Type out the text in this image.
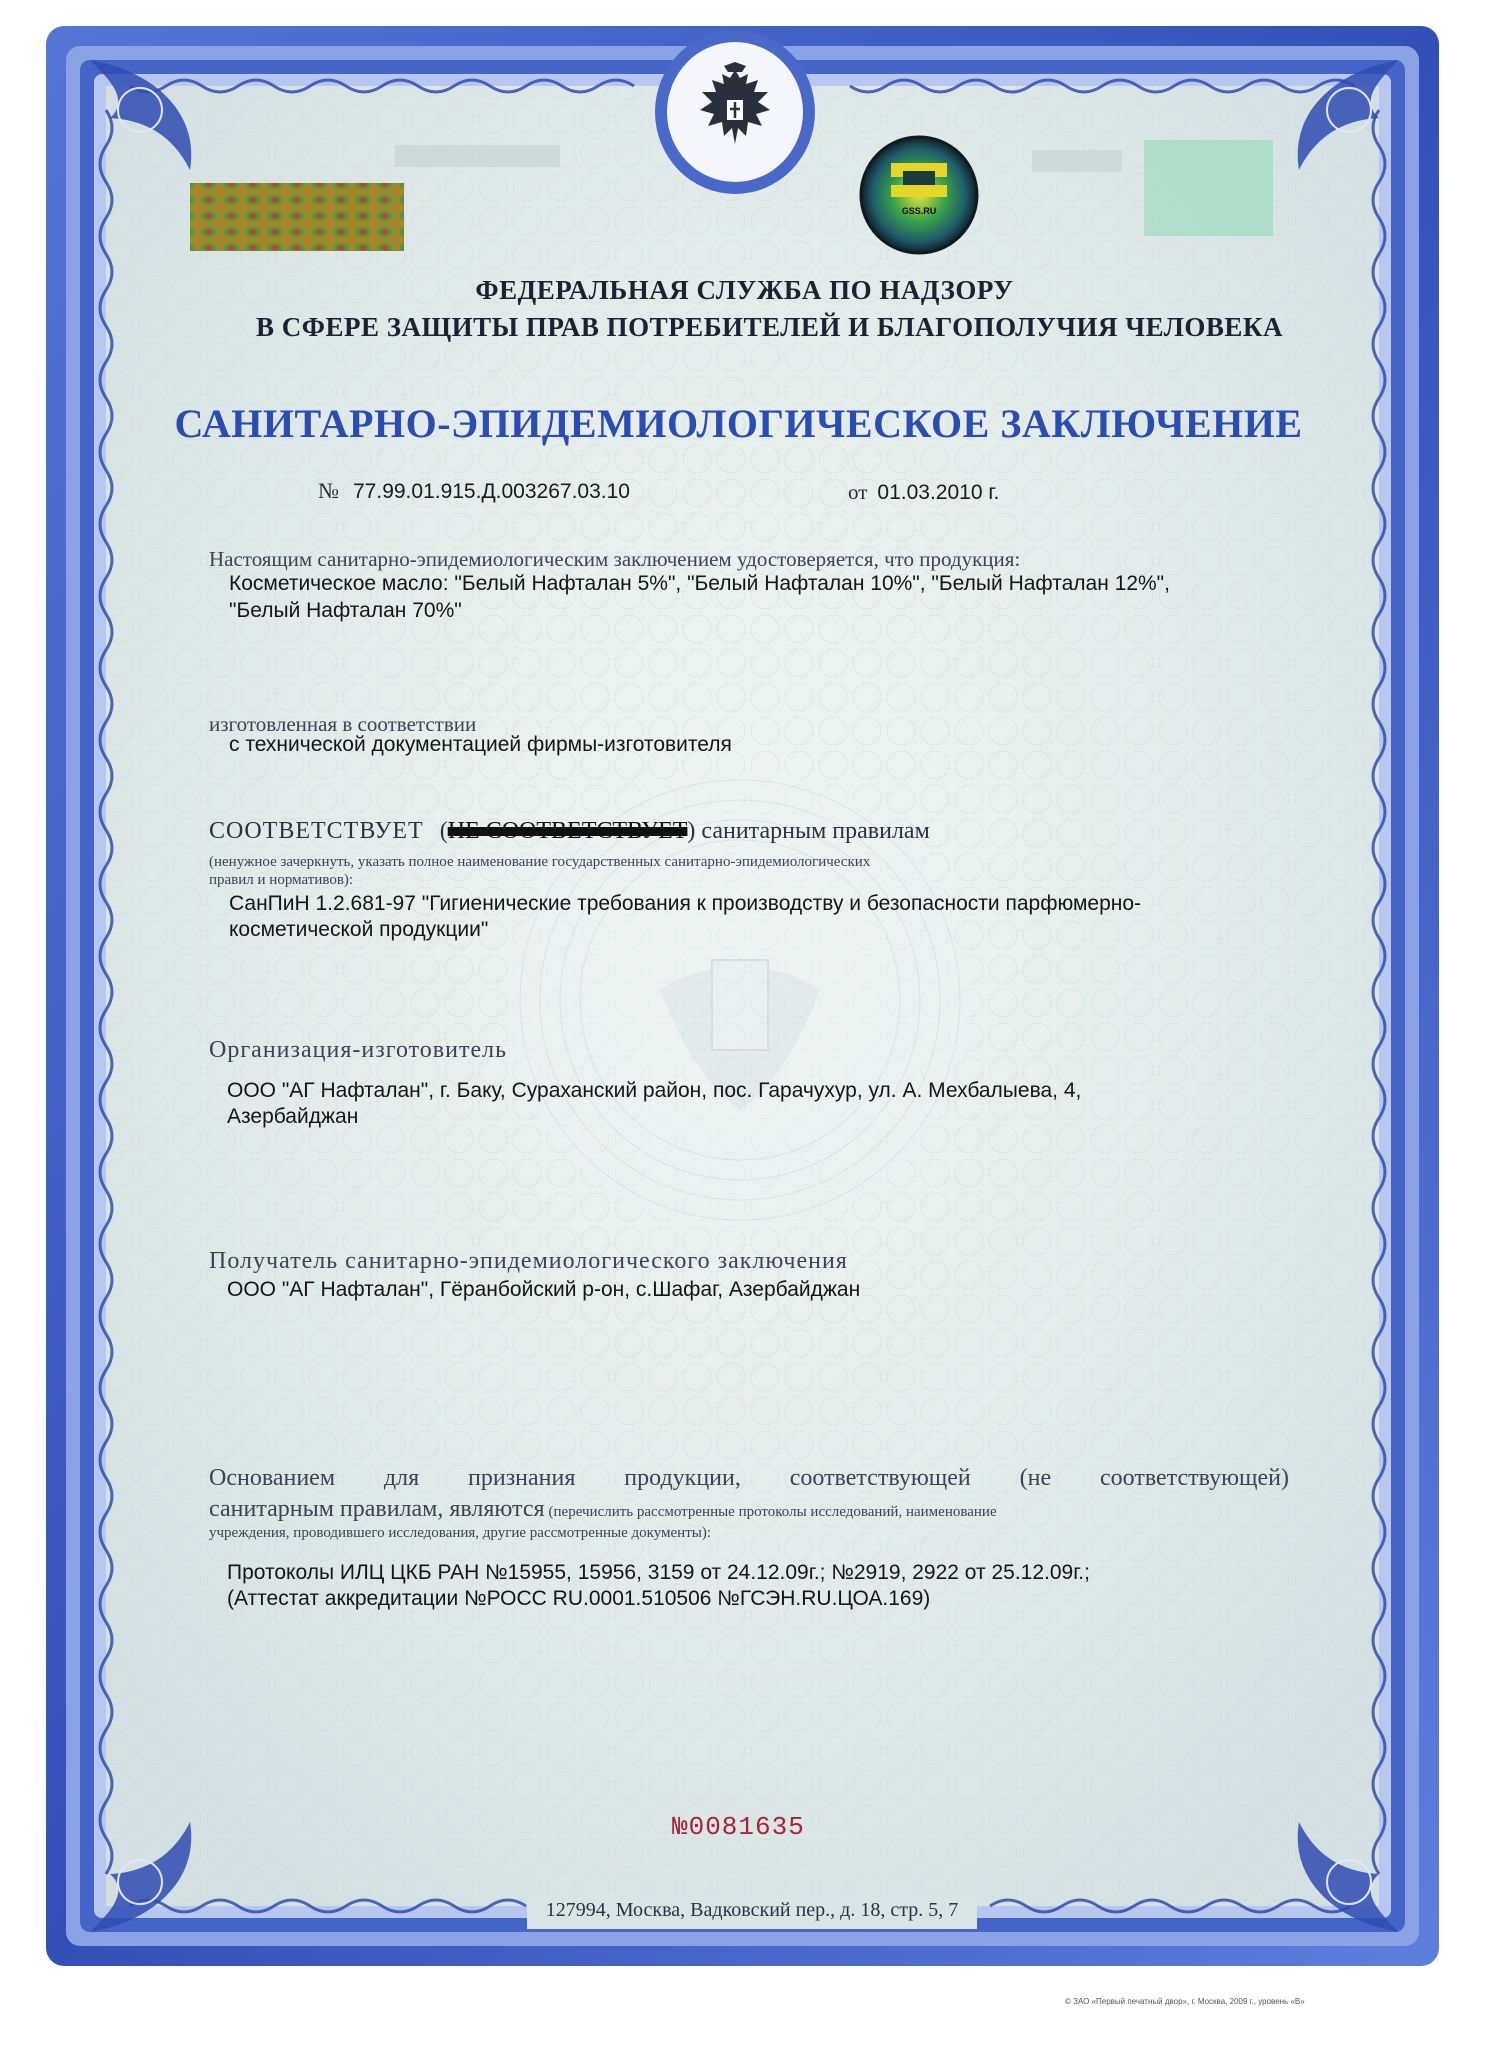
GSS.RU
ФЕДЕРАЛЬНАЯ СЛУЖБА ПО НАДЗОРУ
В СФЕРЕ ЗАЩИТЫ ПРАВ ПОТРЕБИТЕЛЕЙ И БЛАГОПОЛУЧИЯ ЧЕЛОВЕКА
САНИТАРНО-ЭПИДЕМИОЛОГИЧЕСКОЕ ЗАКЛЮЧЕНИЕ
№ 77.99.01.915.Д.003267.03.10	от 01.03.2010 г.
Настоящим санитарно-эпидемиологическим заключением удостоверяется, что продукция:
Косметическое масло: "Белый Нафталан 5%", "Белый Нафталан 10%", "Белый Нафталан 12%",
"Белый Нафталан 70%"
изготовленная в соответствии
с технической документацией фирмы-изготовителя
СООТВЕТСТВУЕТ (НЕ СООТВЕТСТВУЕТ) санитарным правилам
(ненужное зачеркнуть, указать полное наименование государственных санитарно-эпидемиологических
правил и нормативов):
СанПиН 1.2.681-97 "Гигиенические требования к производству и безопасности парфюмерно-
косметической продукции"
Организация-изготовитель
ООО "АГ Нафталан", г. Баку, Сураханский район, пос. Гарачухур, ул. А. Мехбалыева, 4,
Азербайджан
Получатель санитарно-эпидемиологического заключения
ООО "АГ Нафталан", Гёранбойский р-он, с.Шафаг, Азербайджан
Основанием для признания продукции, соответствующей (не соответствующей)
санитарным правилам, являются (перечислить рассмотренные протоколы исследований, наименование
учреждения, проводившего исследования, другие рассмотренные документы):
Протоколы ИЛЦ ЦКБ РАН №15955, 15956, 3159 от 24.12.09г.; №2919, 2922 от 25.12.09г.;
(Аттестат аккредитации №РОСС RU.0001.510506 №ГСЭН.RU.ЦОА.169)
№0081635
127994, Москва, Вадковский пер., д. 18, стр. 5, 7
© ЗАО «Первый печатный двор», г. Москва, 2009 г., уровень «В»
